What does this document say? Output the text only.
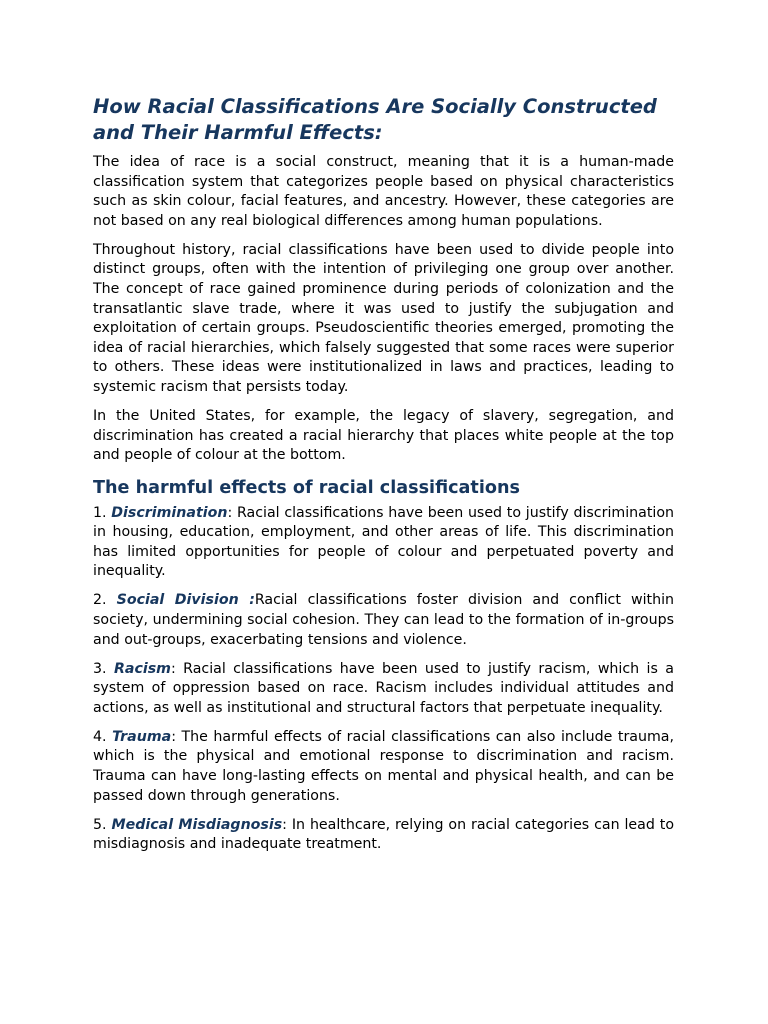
How Racial Classifications Are Socially Constructed and Their Harmful Effects:

The idea of race is a social construct, meaning that it is a human-made classification system that categorizes people based on physical characteristics such as skin colour, facial features, and ancestry. However, these categories are not based on any real biological differences among human populations.

Throughout history, racial classifications have been used to divide people into distinct groups, often with the intention of privileging one group over another. The concept of race gained prominence during periods of colonization and the transatlantic slave trade, where it was used to justify the subjugation and exploitation of certain groups. Pseudoscientific theories emerged, promoting the idea of racial hierarchies, which falsely suggested that some races were superior to others. These ideas were institutionalized in laws and practices, leading to systemic racism that persists today.

In the United States, for example, the legacy of slavery, segregation, and discrimination has created a racial hierarchy that places white people at the top and people of colour at the bottom.

The harmful effects of racial classifications

1. Discrimination: Racial classifications have been used to justify discrimination in housing, education, employment, and other areas of life. This discrimination has limited opportunities for people of colour and perpetuated poverty and inequality.

2. Social Division :Racial classifications foster division and conflict within society, undermining social cohesion. They can lead to the formation of in-groups and out-groups, exacerbating tensions and violence.

3. Racism: Racial classifications have been used to justify racism, which is a system of oppression based on race. Racism includes individual attitudes and actions, as well as institutional and structural factors that perpetuate inequality.

4. Trauma: The harmful effects of racial classifications can also include trauma, which is the physical and emotional response to discrimination and racism. Trauma can have long-lasting effects on mental and physical health, and can be passed down through generations.

5. Medical Misdiagnosis: In healthcare, relying on racial categories can lead to misdiagnosis and inadequate treatment.
